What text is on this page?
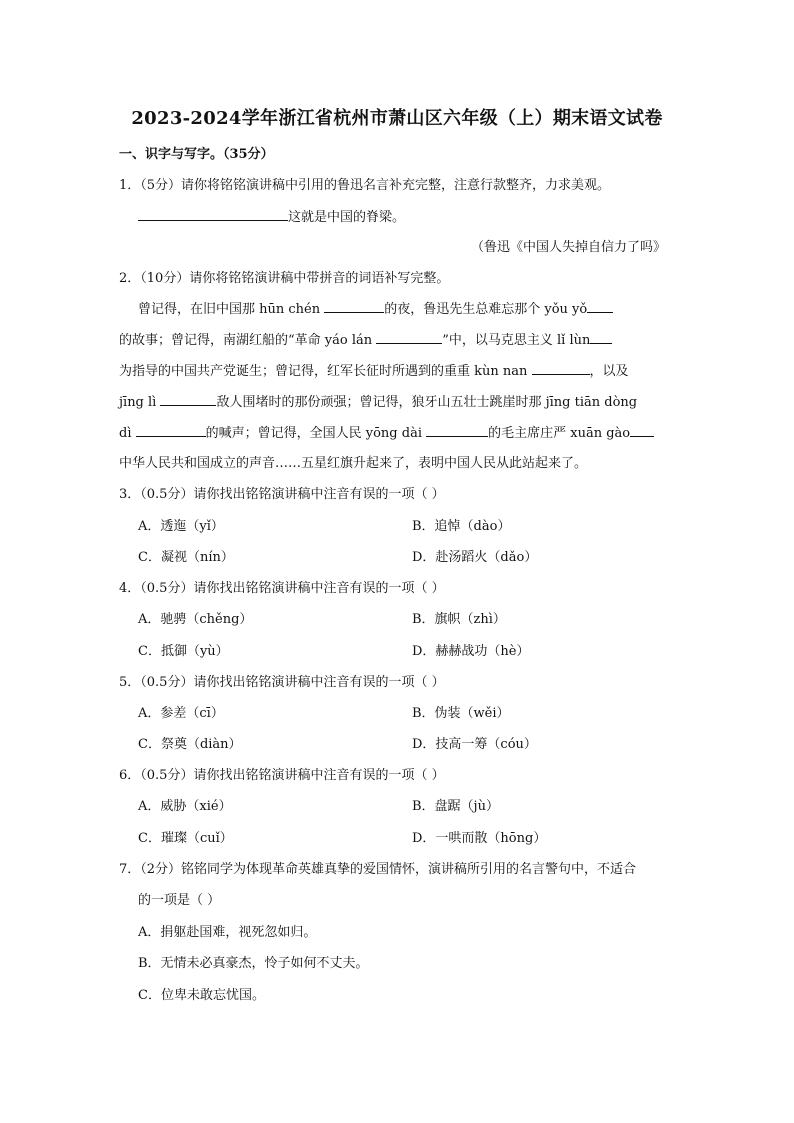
2023-2024学年浙江省杭州市萧山区六年级（上）期末语文试卷
一、识字与写字。（35分）
1．（5分）请你将铭铭演讲稿中引用的鲁迅名言补充完整，注意行款整齐，力求美观。
这就是中国的脊梁。
（鲁迅《中国人失掉自信力了吗》
2．（10分）请你将铭铭演讲稿中带拼音的词语补写完整。
曾记得，在旧中国那 hūn chén	的夜，鲁迅先生总难忘那个 yǒu yǒ
的故事；曾记得，南湖红船的“革命 yáo lán	”中，以马克思主义 lǐ lùn
为指导的中国共产党诞生；曾记得，红军长征时所遇到的重重 kùn nan	，以及
jīng lì	敌人围堵时的那份顽强；曾记得，狼牙山五壮士跳崖时那 jīng tiān dòng
dì	的喊声；曾记得，全国人民 yōng dài	的毛主席庄严 xuān gào
中华人民共和国成立的声音……五星红旗升起来了，表明中国人民从此站起来了。
3．（0.5分）请你找出铭铭演讲稿中注音有误的一项（ ）
A．透迤（yǐ）	B．追悼（dào）
C．凝视（nín）	D．赴汤蹈火（dǎo）
4．（0.5分）请你找出铭铭演讲稿中注音有误的一项（ ）
A．驰骋（chěng）	B．旗帜（zhì）
C．抵御（yù）	D．赫赫战功（hè）
5．（0.5分）请你找出铭铭演讲稿中注音有误的一项（ ）
A．参差（cī）	B．伪装（wěi）
C．祭奠（diàn）	D．技高一筹（cóu）
6．（0.5分）请你找出铭铭演讲稿中注音有误的一项（ ）
A．威胁（xié）	B．盘踞（jù）
C．璀璨（cuǐ）	D．一哄而散（hōng）
7．（2分）铭铭同学为体现革命英雄真挚的爱国情怀，演讲稿所引用的名言警句中，不适合
的一项是（ ）
A．捐躯赴国难，视死忽如归。
B．无情未必真豪杰，怜子如何不丈夫。
C．位卑未敢忘忧国。
